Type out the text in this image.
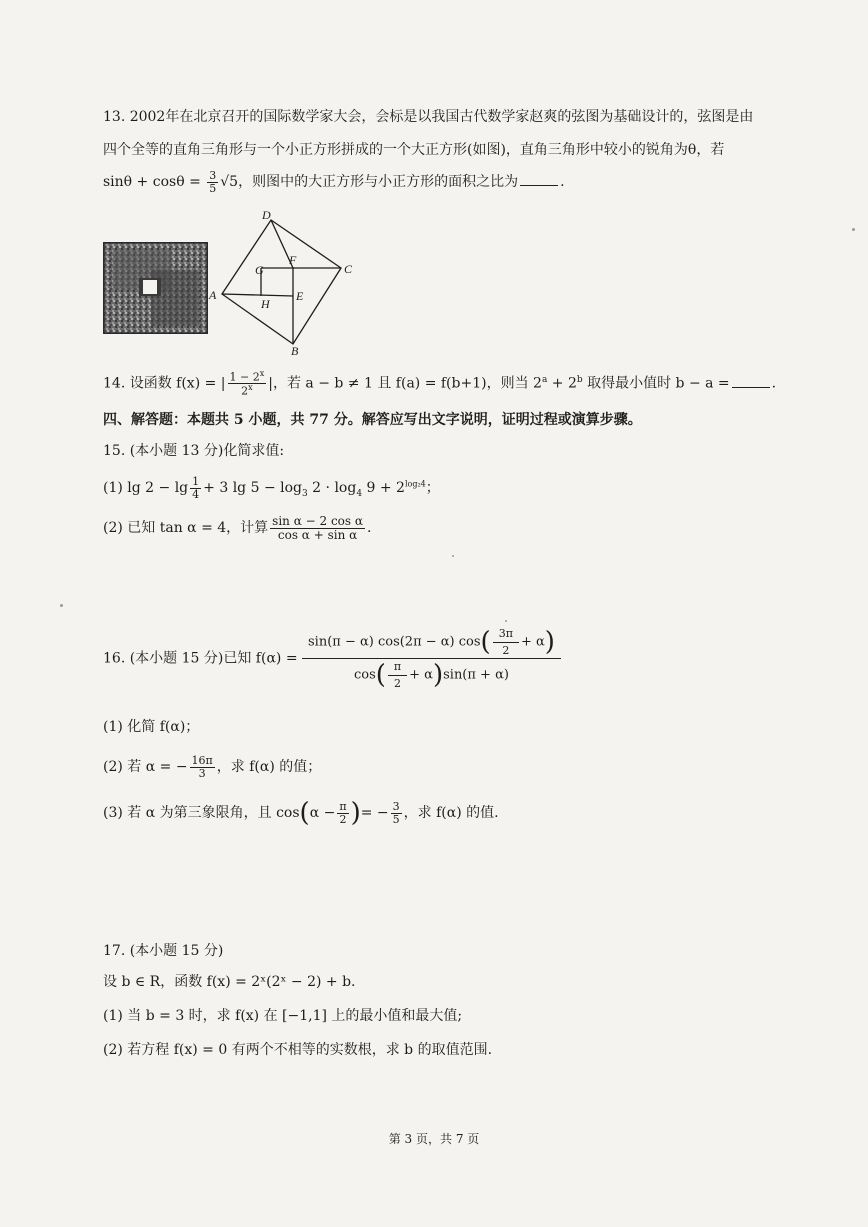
13. 2002年在北京召开的国际数学家大会，会标是以我国古代数学家赵爽的弦图为基础设计的，弦图是由
四个全等的直角三角形与一个小正方形拼成的一个大正方形(如图)，直角三角形中较小的锐角为θ，若
$\sin\theta + \cos\theta = \frac{3}{5} √5$，则图中的大正方形与小正方形的面积之比为	.
D
C
B
A
G
F
E
H
14. 设函数 f(x) = | $\frac{1 - 2^x}{2^x}$ |，若 a − b ≠ 1 且 f(a) = f(b+1)，则当 $2^a + 2^b$ 取得最小值时 b − a =	.
四、解答题：本题共 5 小题，共 77 分。解答应写出文字说明，证明过程或演算步骤。
15. (本小题 13 分)化简求值:
(1) $\lg 2 - \lg \frac{1}{4} + 3$ $\lg 5 - \log_3 2 \cdot \log_4 9 + 2^{log_24}$；
(2) 已知 tan α = 4，计算 $\frac{\text{sin α − 2 cos α}}{\text{cos α + sin α}}$ .
16. (本小题 15 分)已知 $f(\alpha) = \frac{\sin(\pi - \alpha) \cos(2\pi - \alpha) \cos( \frac{3\pi}{2} + \alpha)}{\cos( \frac{\pi}{2} + \alpha)\sin(\pi + \alpha)}$
(1) 化简 f(α)；
(2) 若 α = − $\frac{16\pi}{3}$ ，求 f(α) 的值；
(3) 若 α 为第三象限角，且 $\cos(\alpha - \frac{\pi}{2}$ )= − $\frac{3}{5}$ ，求 f(α) 的值.
17. (本小题 15 分)
设 b ∈ R，函数 f(x) = 2ˣ(2ˣ − 2) + b.
(1) 当 b = 3 时，求 f(x) 在 [−1,1] 上的最小值和最大值;
(2) 若方程 f(x) = 0 有两个不相等的实数根，求 b 的取值范围.
第 3 页，共 7 页
